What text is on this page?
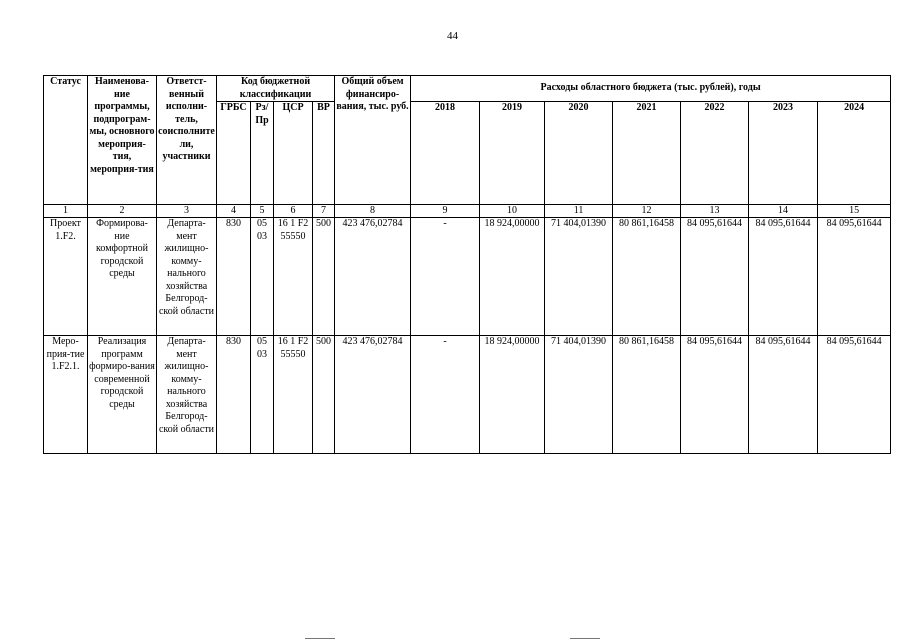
44
Статус	Наименова-ние программы, подпрограм-мы, основного мероприя-тия, мероприя-тия	Ответст-венный исполни-тель, соисполнители, участники	Код бюджетной классификации				Общий объем финансиро-вания, тыс. руб.	Расходы областного бюджета (тыс. рублей), годы						
			ГРБС	Рз/ Пр	ЦСР	ВР		2018	2019	2020	2021	2022	2023	2024
1	2	3	4	5	6	7	8	9	10	11	12	13	14	15
Проект 1.F2.	Формирова-ние комфортной городской среды	Департа-мент жилищно-комму-нального хозяйства Белгород-ской области	830	05 03	16 1 F2 55550	500	423 476,02784	-	18 924,00000	71 404,01390	80 861,16458	84 095,61644	84 095,61644	84 095,61644
Меро-прия-тие 1.F2.1.	Реализация программ формиро-вания современной городской среды	Департа-мент жилищно-комму-нального хозяйства Белгород-ской области	830	05 03	16 1 F2 55550	500	423 476,02784	-	18 924,00000	71 404,01390	80 861,16458	84 095,61644	84 095,61644	84 095,61644
